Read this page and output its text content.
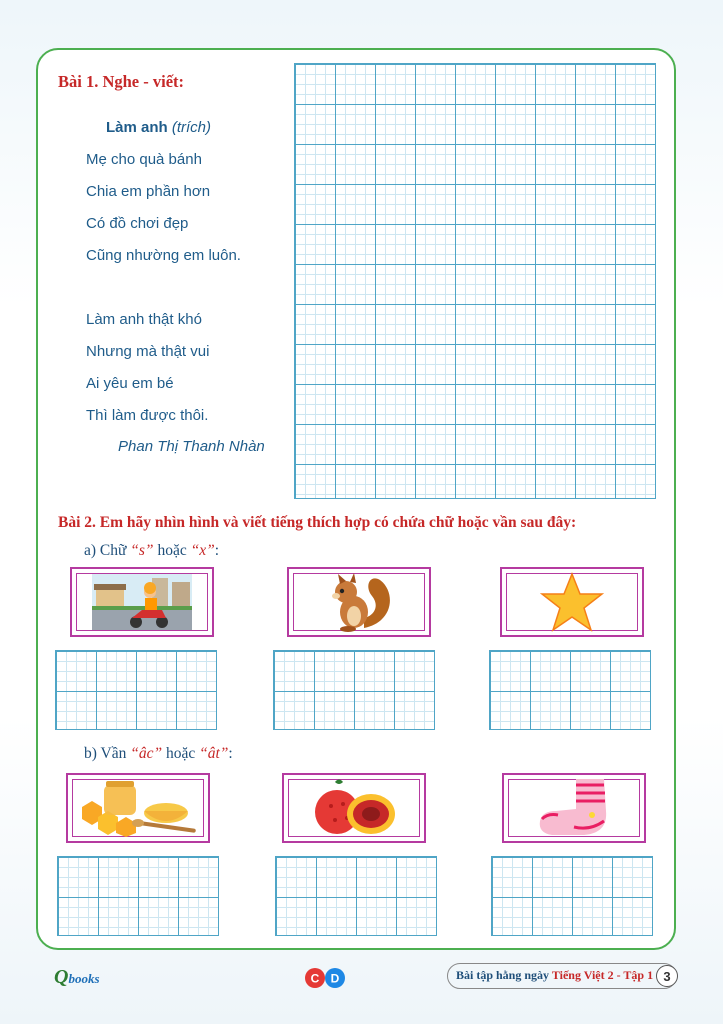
Bài 1. Nghe - viết:
Làm anh (trích)
Mẹ cho quà bánh
Chia em phần hơn
Có đồ chơi đẹp
Cũng nhường em luôn.
Làm anh thật khó
Nhưng mà thật vui
Ai yêu em bé
Thì làm được thôi.
Phan Thị Thanh Nhàn
Bài 2. Em hãy nhìn hình và viết tiếng thích hợp có chứa chữ hoặc vần sau đây:
a) Chữ “s” hoặc “x”:
b) Vần “âc” hoặc “ât”:
Qbooks	C D	Bài tập hằng ngày Tiếng Việt 2 - Tập 1 3
